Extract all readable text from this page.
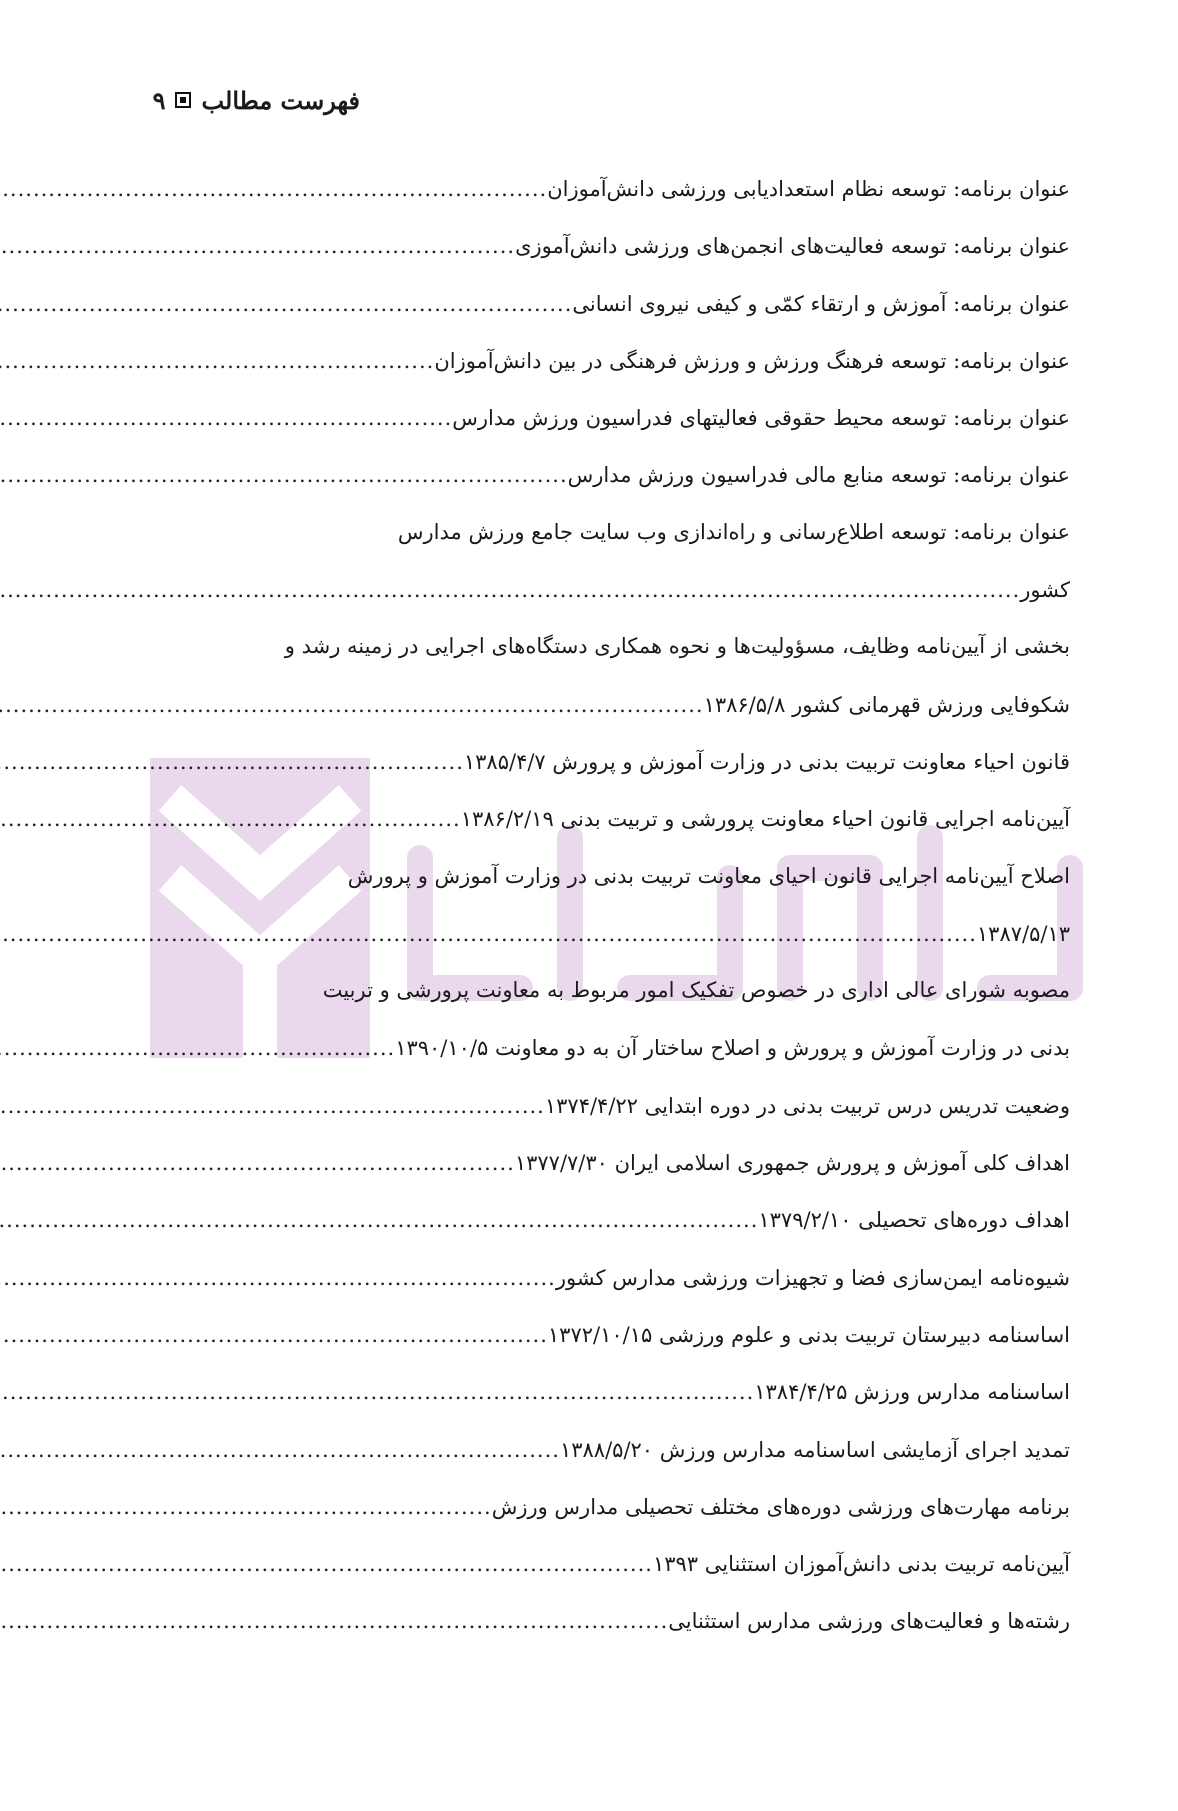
فهرست مطالب
۹
عنوان برنامه: توسعه نظام استعدادیابی ورزشی دانش‌آموزان
.....
عنوان برنامه: توسعه فعالیت‌های انجمن‌های ورزشی دانش‌آموزی
.....
عنوان برنامه: آموزش و ارتقاء کمّی و کیفی نیروی انسانی
.....
عنوان برنامه: توسعه فرهنگ ورزش و ورزش فرهنگی در بین دانش‌آموزان
.....
عنوان برنامه: توسعه محیط حقوقی فعالیتهای فدراسیون ورزش مدارس
.....
عنوان برنامه: توسعه منابع مالی فدراسیون ورزش مدارس
.....
عنوان برنامه: توسعه اطلاع‌رسانی و راه‌اندازی وب سایت جامع ورزش مدارس
کشور
.....
بخشی از آیین‌نامه وظایف، مسؤولیت‌ها و نحوه همکاری دستگاه‌های اجرایی در زمینه رشد و
شکوفایی ورزش قهرمانی کشور ۱۳۸۶/۵/۸
.....
قانون احیاء معاونت تربیت بدنی در وزارت آموزش و پرورش ۱۳۸۵/۴/۷
.....
آیین‌نامه اجرایی قانون احیاء معاونت پرورشی و تربیت بدنی ۱۳۸۶/۲/۱۹
.....
اصلاح آیین‌نامه اجرایی قانون احیای معاونت تربیت بدنی در وزارت آموزش و پرورش
۱۳۸۷/۵/۱۳
.....
مصوبه شورای عالی اداری در خصوص تفکیک امور مربوط به معاونت پرورشی و تربیت
بدنی در وزارت آموزش و پرورش و اصلاح ساختار آن به دو معاونت ۱۳۹۰/۱۰/۵
.....
وضعیت تدریس درس تربیت بدنی در دوره ابتدایی ۱۳۷۴/۴/۲۲
.....
اهداف کلی آموزش و پرورش جمهوری اسلامی ایران ۱۳۷۷/۷/۳۰
.....
اهداف دوره‌های تحصیلی ۱۳۷۹/۲/۱۰
.....
شیوه‌نامه ایمن‌سازی فضا و تجهیزات ورزشی مدارس کشور
.....
اساسنامه دبیرستان تربیت بدنی و علوم ورزشی ۱۳۷۲/۱۰/۱۵
.....
اساسنامه مدارس ورزش ۱۳۸۴/۴/۲۵
.....
تمدید اجرای آزمایشی اساسنامه مدارس ورزش ۱۳۸۸/۵/۲۰
.....
برنامه مهارت‌های ورزشی دوره‌های مختلف تحصیلی مدارس ورزش
.....
آیین‌نامه تربیت بدنی دانش‌آموزان استثنایی ۱۳۹۳
.....
رشته‌ها و فعالیت‌های ورزشی مدارس استثنایی
.....
